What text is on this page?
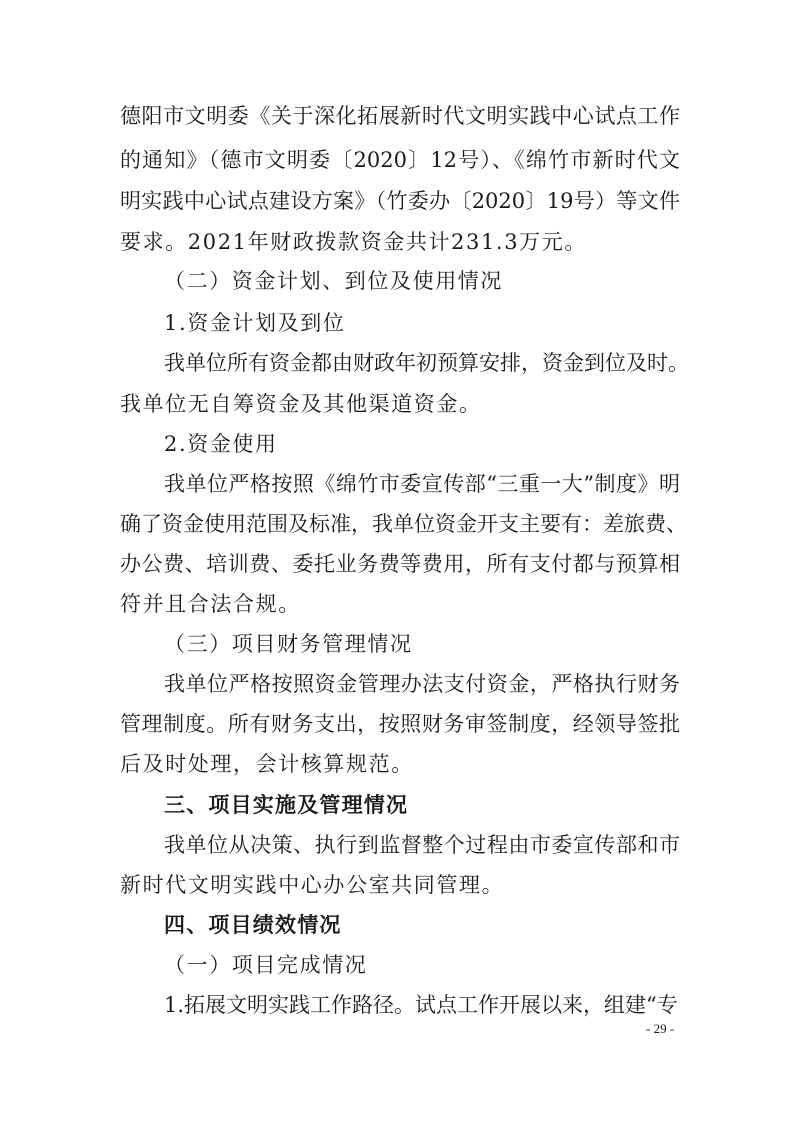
德阳市文明委《关于深化拓展新时代文明实践中心试点工作
的通知》（德市文明委〔2020〕12号）、《绵竹市新时代文
明实践中心试点建设方案》（竹委办〔2020〕19号）等文件
要求。2021年财政拨款资金共计231.3万元。
（二）资金计划、到位及使用情况
1.资金计划及到位
我单位所有资金都由财政年初预算安排，资金到位及时。
我单位无自筹资金及其他渠道资金。
2.资金使用
我单位严格按照《绵竹市委宣传部“三重一大”制度》明
确了资金使用范围及标准，我单位资金开支主要有：差旅费、
办公费、培训费、委托业务费等费用，所有支付都与预算相
符并且合法合规。
（三）项目财务管理情况
我单位严格按照资金管理办法支付资金，严格执行财务
管理制度。所有财务支出，按照财务审签制度，经领导签批
后及时处理，会计核算规范。
三、项目实施及管理情况
我单位从决策、执行到监督整个过程由市委宣传部和市
新时代文明实践中心办公室共同管理。
四、项目绩效情况
（一）项目完成情况
1.拓展文明实践工作路径。试点工作开展以来，组建“专
- 29 -
